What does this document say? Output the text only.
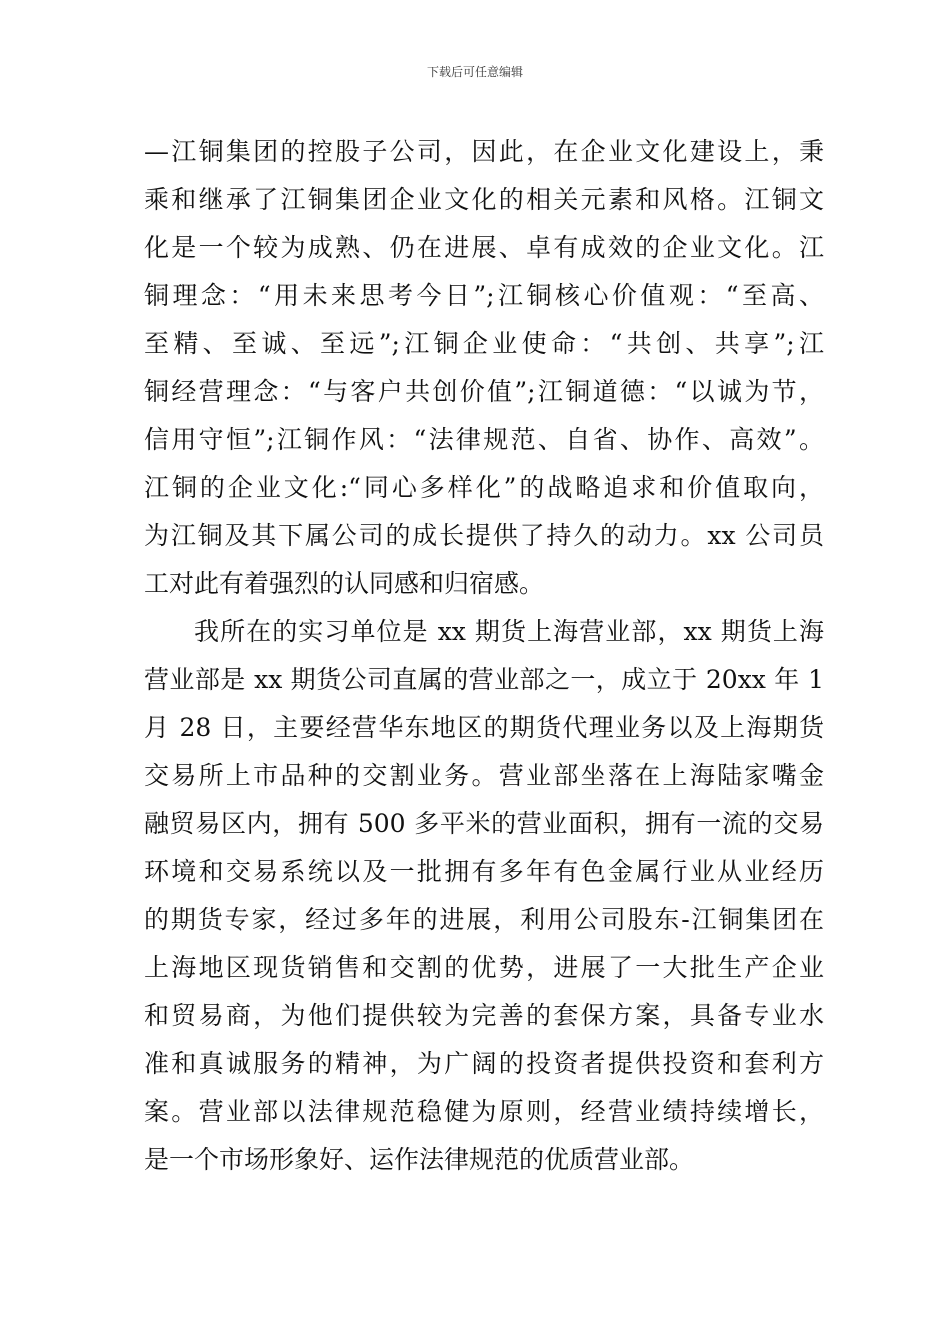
下载后可任意编辑
—江铜集团的控股子公司，因此，在企业文化建设上，秉
乘和继承了江铜集团企业文化的相关元素和风格。江铜文
化是一个较为成熟、仍在进展、卓有成效的企业文化。江
铜理念：“用未来思考今日”;江铜核心价值观：“至高、
至精、至诚、至远”;江铜企业使命：“共创、共享”;江
铜经营理念：“与客户共创价值”;江铜道德：“以诚为节，
信用守恒”;江铜作风：“法律规范、自省、协作、高效”。
江铜的企业文化:“同心多样化”的战略追求和价值取向，
为江铜及其下属公司的成长提供了持久的动力。xx 公司员
工对此有着强烈的认同感和归宿感。
我所在的实习单位是 xx 期货上海营业部，xx 期货上海
营业部是 xx 期货公司直属的营业部之一，成立于 20xx 年 1
月 28 日，主要经营华东地区的期货代理业务以及上海期货
交易所上市品种的交割业务。营业部坐落在上海陆家嘴金
融贸易区内，拥有 500 多平米的营业面积，拥有一流的交易
环境和交易系统以及一批拥有多年有色金属行业从业经历
的期货专家，经过多年的进展，利用公司股东-江铜集团在
上海地区现货销售和交割的优势，进展了一大批生产企业
和贸易商，为他们提供较为完善的套保方案，具备专业水
准和真诚服务的精神，为广阔的投资者提供投资和套利方
案。营业部以法律规范稳健为原则，经营业绩持续增长，
是一个市场形象好、运作法律规范的优质营业部。
